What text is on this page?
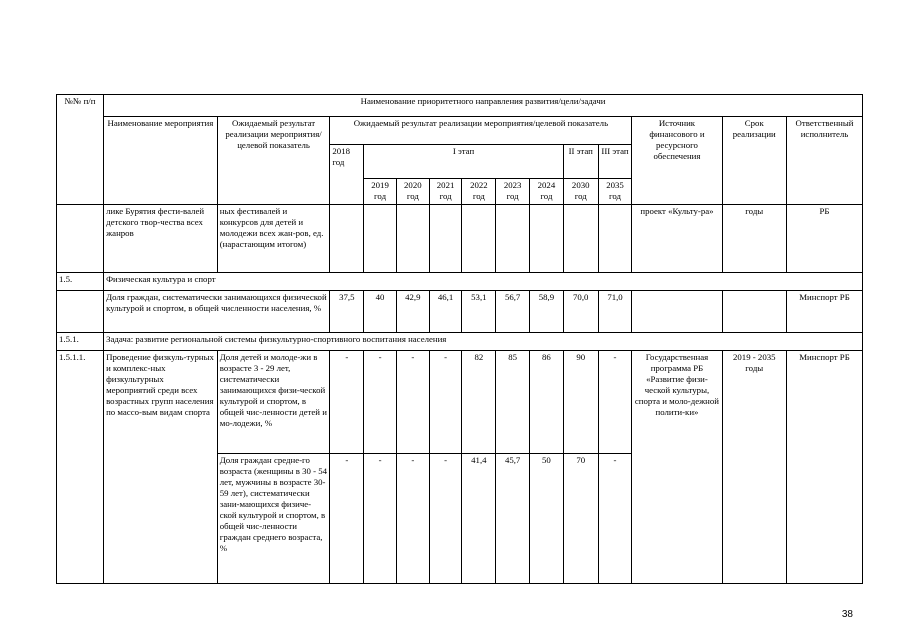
№№ п/п	Наименование приоритетного направления развития/цели/задачи													
	Наименование мероприятия	Ожидаемый результат реализации мероприятия/целевой показатель	Ожидаемый результат реализации мероприятия/целевой показатель									Источник финансового и ресурсного обеспечения	Срок реализации	Ответственный исполнитель
			2018 год	I этап						II этап	III этап			
				2019 год	2020 год	2021 год	2022 год	2023 год	2024 год	2030 год	2035 год			
	лике Бурятия фести-валей детского твор-чества всех жанров	ных фестивалей и конкурсов для детей и молодежи всех жан-ров, ед. (нарастающим итогом)										проект «Культу-ра»	годы	РБ
1.5.	Физическая культура и спорт													
	Доля граждан, систематически занимающихся физической культурой и спортом, в общей численности населения, %		37,5	40	42,9	46,1	53,1	56,7	58,9	70,0	71,0			Минспорт РБ
1.5.1.	Задача: развитие региональной системы физкультурно-спортивного воспитания населения													
1.5.1.1.	Проведение физкуль-турных и комплекс-ных физкультурных мероприятий среди всех возрастных групп населения по массо-вым видам спорта	Доля детей и молоде-жи в возрасте 3 - 29 лет, систематически занимающихся физи-ческой культурой и спортом, в общей чис-ленности детей и мо-лодежи, %	-	-	-	-	82	85	86	90	-	Государственная программа РБ «Развитие физи-ческой культуры, спорта и моло-дежной полити-ки»	2019 - 2035 годы	Минспорт РБ
		Доля граждан средне-го возраста (женщины в 30 - 54 лет, мужчины в возрасте 30-59 лет), систематически зани-мающихся физиче-ской культурой и спортом, в общей чис-ленности граждан среднего возраста, %	-	-	-	-	41,4	45,7	50	70	-			
38
